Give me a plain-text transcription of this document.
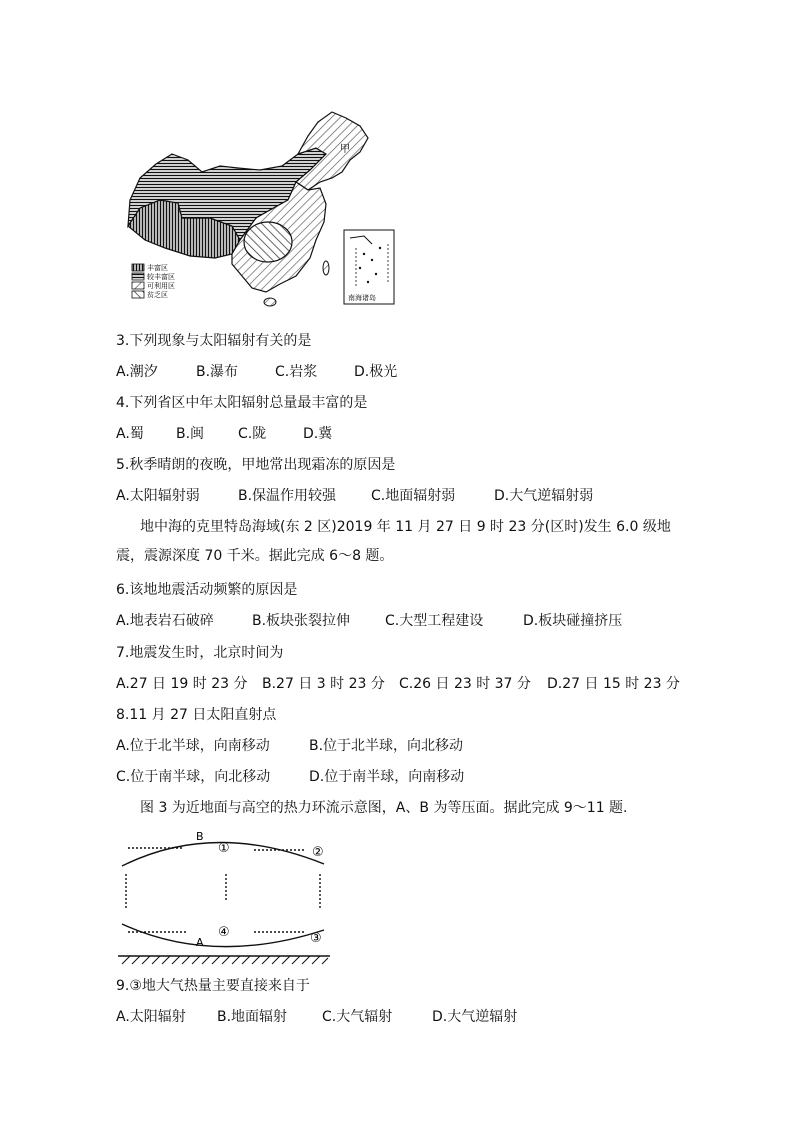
甲
丰富区
较丰富区
可利用区
贫乏区	南海诸岛
3.下列现象与太阳辐射有关的是
A.潮汐	B.瀑布	C.岩浆	D.极光
4.下列省区中年太阳辐射总量最丰富的是
A.蜀 B.闽 C.陇	D.冀
5.秋季晴朗的夜晚，甲地常出现霜冻的原因是
A.太阳辐射弱	B.保温作用较强 C.地面辐射弱	D.大气逆辐射弱
地中海的克里特岛海域(东 2 区)2019 年 11 月 27 日 9 时 23 分(区时)发生 6.0 级地震，震源深度 70 千米。据此完成 6～8 题。
6.该地地震活动频繁的原因是
A.地表岩石破碎	B.板块张裂拉伸 C.大型工程建设	D.板块碰撞挤压
7.地震发生时，北京时间为
A.27 日 19 时 23 分 B.27 日 3 时 23 分 C.26 日 23 时 37 分 D.27 日 15 时 23 分
8.11 月 27 日太阳直射点
A.位于北半球，向南移动	B.位于北半球，向北移动
C.位于南半球，向北移动	D.位于南半球，向南移动
图 3 为近地面与高空的热力环流示意图，A、B 为等压面。据此完成 9～11 题.
B
A
①	②
④	③
9.③地大气热量主要直接来自于
A.太阳辐射 B.地面辐射 C.大气辐射	D.大气逆辐射
